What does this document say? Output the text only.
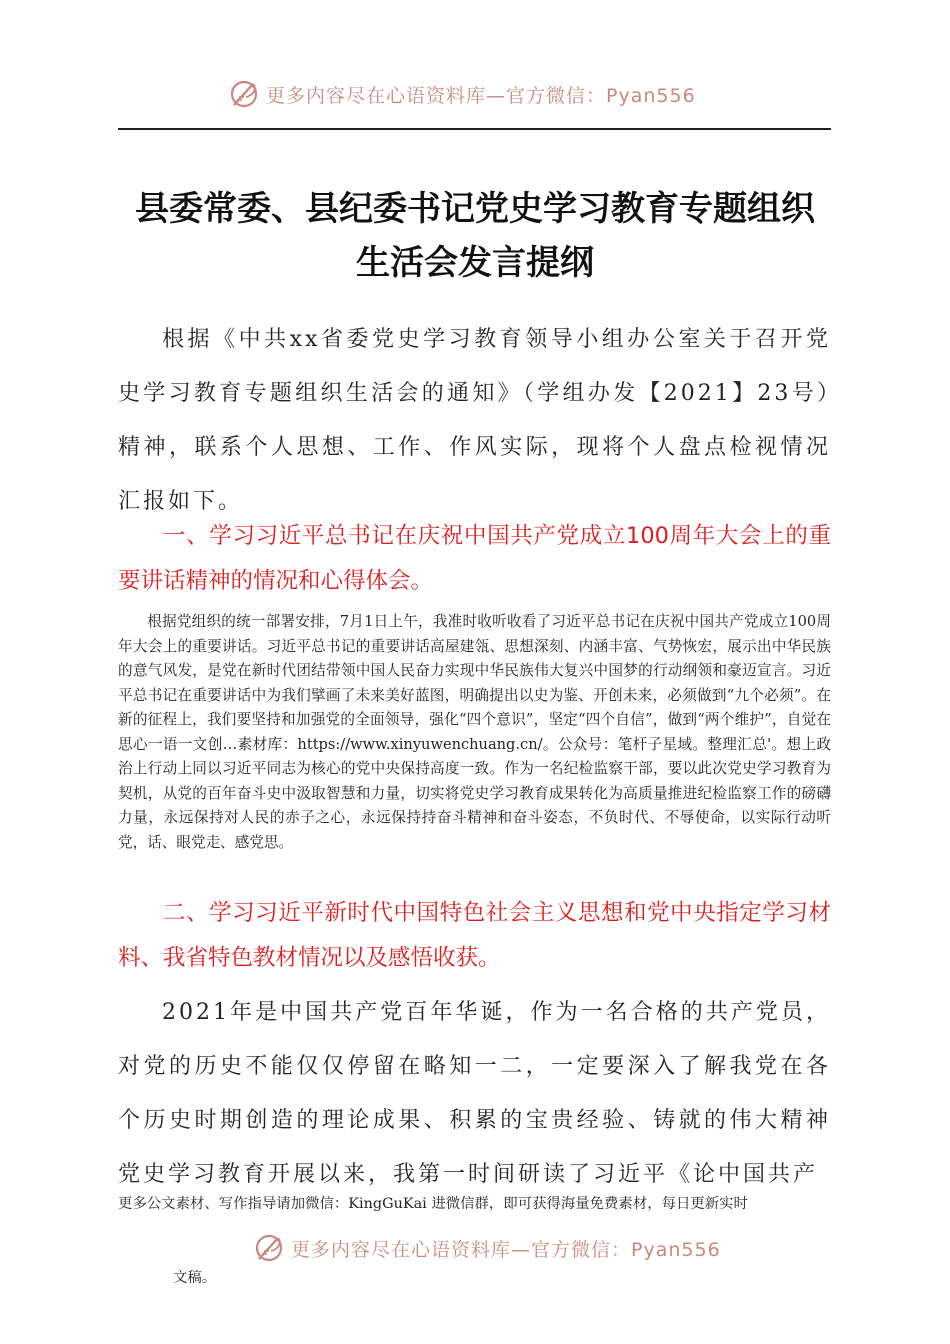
更多内容尽在心语资料库—官方微信：Pyan556
县委常委、县纪委书记党史学习教育专题组织
生活会发言提纲
根据《中共xx省委党史学习教育领导小组办公室关于召开党史学习教育专题组织生活会的通知》（学组办发【2021】23号）精神，联系个人思想、工作、作风实际，现将个人盘点检视情况汇报如下。
一、学习习近平总书记在庆祝中国共产党成立100周年大会上的重要讲话精神的情况和心得体会。
根据党组织的统一部署安排，7月1日上午，我准时收听收看了习近平总书记在庆祝中国共产党成立100周年大会上的重要讲话。习近平总书记的重要讲话高屋建瓴、思想深刻、内涵丰富、气势恢宏，展示出中华民族的意气风发，是党在新时代团结带领中国人民奋力实现中华民族伟大复兴中国梦的行动纲领和豪迈宣言。习近平总书记在重要讲话中为我们擘画了未来美好蓝图，明确提出以史为鉴、开创未来，必须做到“九个必须”。在新的征程上，我们要坚持和加强党的全面领导，强化“四个意识”，坚定“四个自信”，做到“两个维护”，自觉在思心一语一文创…素材库：https://www.xinyuwenchuang.cn/。公众号：笔杆子星域。整理汇总'。想上政治上行动上同以习近平同志为核心的党中央保持高度一致。作为一名纪检监察干部，要以此次党史学习教育为契机，从党的百年奋斗史中汲取智慧和力量，切实将党史学习教育成果转化为高质量推进纪检监察工作的磅礴力量，永远保持对人民的赤子之心，永远保持持奋斗精神和奋斗姿态，不负时代、不辱使命，以实际行动听党，话、眼党走、感党思。
二、学习习近平新时代中国特色社会主义思想和党中央指定学习材料、我省特色教材情况以及感悟收获。
2021年是中国共产党百年华诞，作为一名合格的共产党员，对党的历史不能仅仅停留在略知一二，一定要深入了解我党在各个历史时期创造的理论成果、积累的宝贵经验、铸就的伟大精神党史学习教育开展以来，我第一时间研读了习近平《论中国共产
更多公文素材、写作指导请加微信：KingGuKai 进微信群，即可获得海量免费素材，每日更新实时
更多内容尽在心语资料库—官方微信：Pyan556
文稿。
